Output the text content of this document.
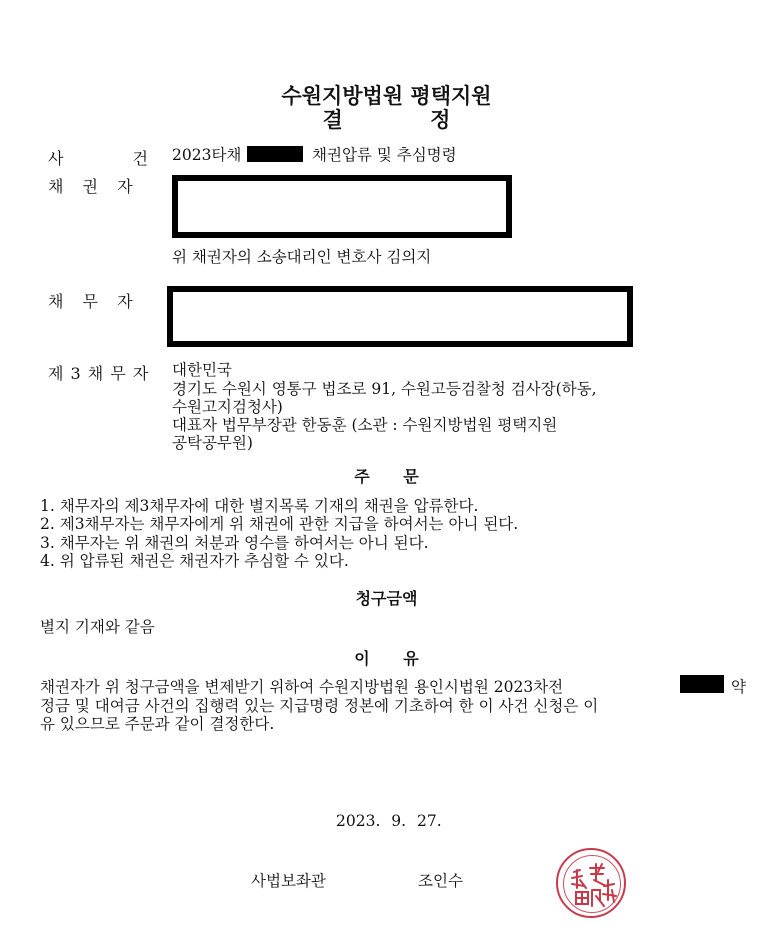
수원지방법원 평택지원
결 정
사 건 2023타채	채권압류 및 추심명령
채 권 자
위 채권자의 소송대리인 변호사 김의지
채 무 자
제 3 채 무 자 대한민국
경기도 수원시 영통구 법조로 91, 수원고등검찰청 검사장(하동,
수원고지검청사)
대표자 법무부장관 한동훈 (소관 : 수원지방법원 평택지원
공탁공무원)
주 문
1. 채무자의 제3채무자에 대한 별지목록 기재의 채권을 압류한다.
2. 제3채무자는 채무자에게 위 채권에 관한 지급을 하여서는 아니 된다.
3. 채무자는 위 채권의 처분과 영수를 하여서는 아니 된다.
4. 위 압류된 채권은 채권자가 추심할 수 있다.
청구금액
별지 기재와 같음
이 유
채권자가 위 청구금액을 변제받기 위하여 수원지방법원 용인시법원 2023차전	약
정금 및 대여금 사건의 집행력 있는 지급명령 정본에 기초하여 한 이 사건 신청은 이
유 있으므로 주문과 같이 결정한다.
2023. 9. 27.
사법보좌관	조인수
